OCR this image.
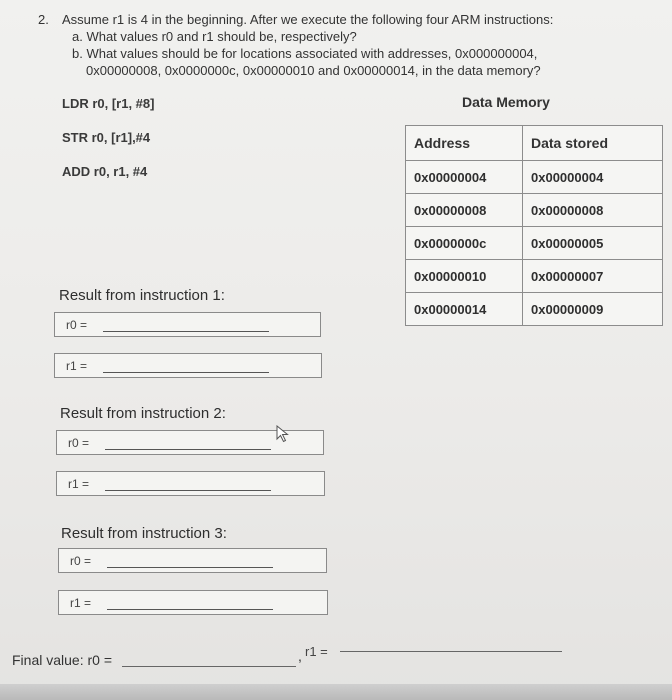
2. Assume r1 is 4 in the beginning. After we execute the following four ARM instructions:
a. What values r0 and r1 should be, respectively?
b. What values should be for locations associated with addresses, 0x000000004,
0x00000008, 0x0000000c, 0x00000010 and 0x00000014, in the data memory?
LDR r0, [r1, #8]
STR r0, [r1],#4
ADD r0, r1, #4
Data Memory
Address	Data stored
0x00000004	0x00000004
0x00000008	0x00000008
0x0000000c	0x00000005
0x00000010	0x00000007
0x00000014	0x00000009
Result from instruction 1:
r0 =
r1 =
Result from instruction 2:
r0 =
r1 =
Result from instruction 3:
r0 =
r1 =
Final value: r0 =	, r1 =
